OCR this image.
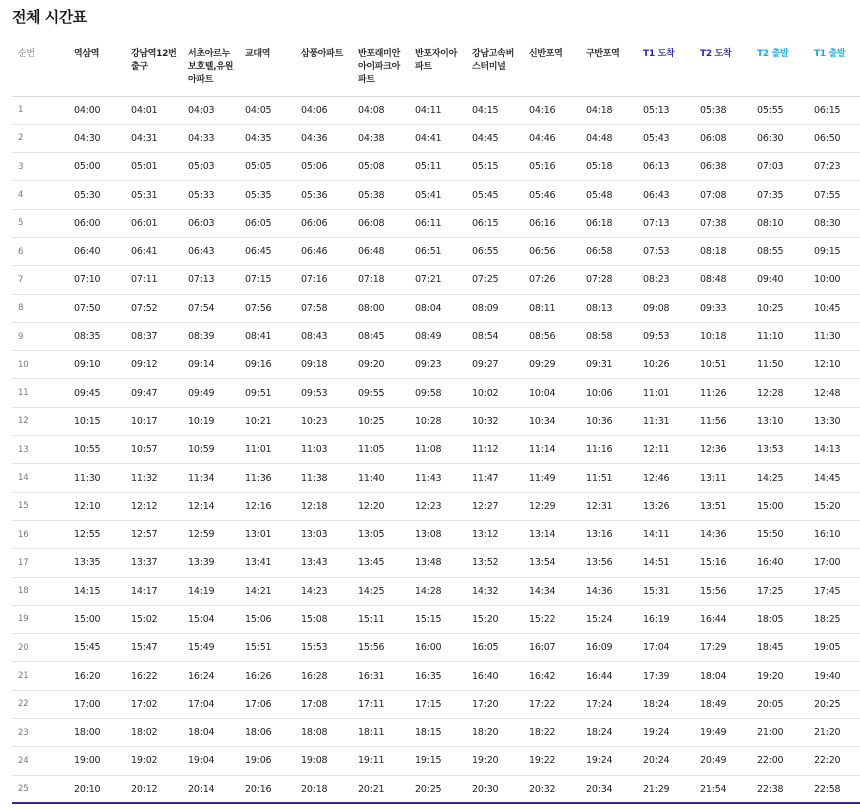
전체 시간표
순번	역삼역	강남역12번 출구	서초아르누보호텔,유원아파트	교대역	삼풍아파트	반포래미안아이파크아파트	반포자이아파트	강남고속버스터미널	신반포역	구반포역	T1 도착	T2 도착	T2 출발	T1 출발
1	04:00	04:01	04:03	04:05	04:06	04:08	04:11	04:15	04:16	04:18	05:13	05:38	05:55	06:15
2	04:30	04:31	04:33	04:35	04:36	04:38	04:41	04:45	04:46	04:48	05:43	06:08	06:30	06:50
3	05:00	05:01	05:03	05:05	05:06	05:08	05:11	05:15	05:16	05:18	06:13	06:38	07:03	07:23
4	05:30	05:31	05:33	05:35	05:36	05:38	05:41	05:45	05:46	05:48	06:43	07:08	07:35	07:55
5	06:00	06:01	06:03	06:05	06:06	06:08	06:11	06:15	06:16	06:18	07:13	07:38	08:10	08:30
6	06:40	06:41	06:43	06:45	06:46	06:48	06:51	06:55	06:56	06:58	07:53	08:18	08:55	09:15
7	07:10	07:11	07:13	07:15	07:16	07:18	07:21	07:25	07:26	07:28	08:23	08:48	09:40	10:00
8	07:50	07:52	07:54	07:56	07:58	08:00	08:04	08:09	08:11	08:13	09:08	09:33	10:25	10:45
9	08:35	08:37	08:39	08:41	08:43	08:45	08:49	08:54	08:56	08:58	09:53	10:18	11:10	11:30
10	09:10	09:12	09:14	09:16	09:18	09:20	09:23	09:27	09:29	09:31	10:26	10:51	11:50	12:10
11	09:45	09:47	09:49	09:51	09:53	09:55	09:58	10:02	10:04	10:06	11:01	11:26	12:28	12:48
12	10:15	10:17	10:19	10:21	10:23	10:25	10:28	10:32	10:34	10:36	11:31	11:56	13:10	13:30
13	10:55	10:57	10:59	11:01	11:03	11:05	11:08	11:12	11:14	11:16	12:11	12:36	13:53	14:13
14	11:30	11:32	11:34	11:36	11:38	11:40	11:43	11:47	11:49	11:51	12:46	13:11	14:25	14:45
15	12:10	12:12	12:14	12:16	12:18	12:20	12:23	12:27	12:29	12:31	13:26	13:51	15:00	15:20
16	12:55	12:57	12:59	13:01	13:03	13:05	13:08	13:12	13:14	13:16	14:11	14:36	15:50	16:10
17	13:35	13:37	13:39	13:41	13:43	13:45	13:48	13:52	13:54	13:56	14:51	15:16	16:40	17:00
18	14:15	14:17	14:19	14:21	14:23	14:25	14:28	14:32	14:34	14:36	15:31	15:56	17:25	17:45
19	15:00	15:02	15:04	15:06	15:08	15:11	15:15	15:20	15:22	15:24	16:19	16:44	18:05	18:25
20	15:45	15:47	15:49	15:51	15:53	15:56	16:00	16:05	16:07	16:09	17:04	17:29	18:45	19:05
21	16:20	16:22	16:24	16:26	16:28	16:31	16:35	16:40	16:42	16:44	17:39	18:04	19:20	19:40
22	17:00	17:02	17:04	17:06	17:08	17:11	17:15	17:20	17:22	17:24	18:24	18:49	20:05	20:25
23	18:00	18:02	18:04	18:06	18:08	18:11	18:15	18:20	18:22	18:24	19:24	19:49	21:00	21:20
24	19:00	19:02	19:04	19:06	19:08	19:11	19:15	19:20	19:22	19:24	20:24	20:49	22:00	22:20
25	20:10	20:12	20:14	20:16	20:18	20:21	20:25	20:30	20:32	20:34	21:29	21:54	22:38	22:58
